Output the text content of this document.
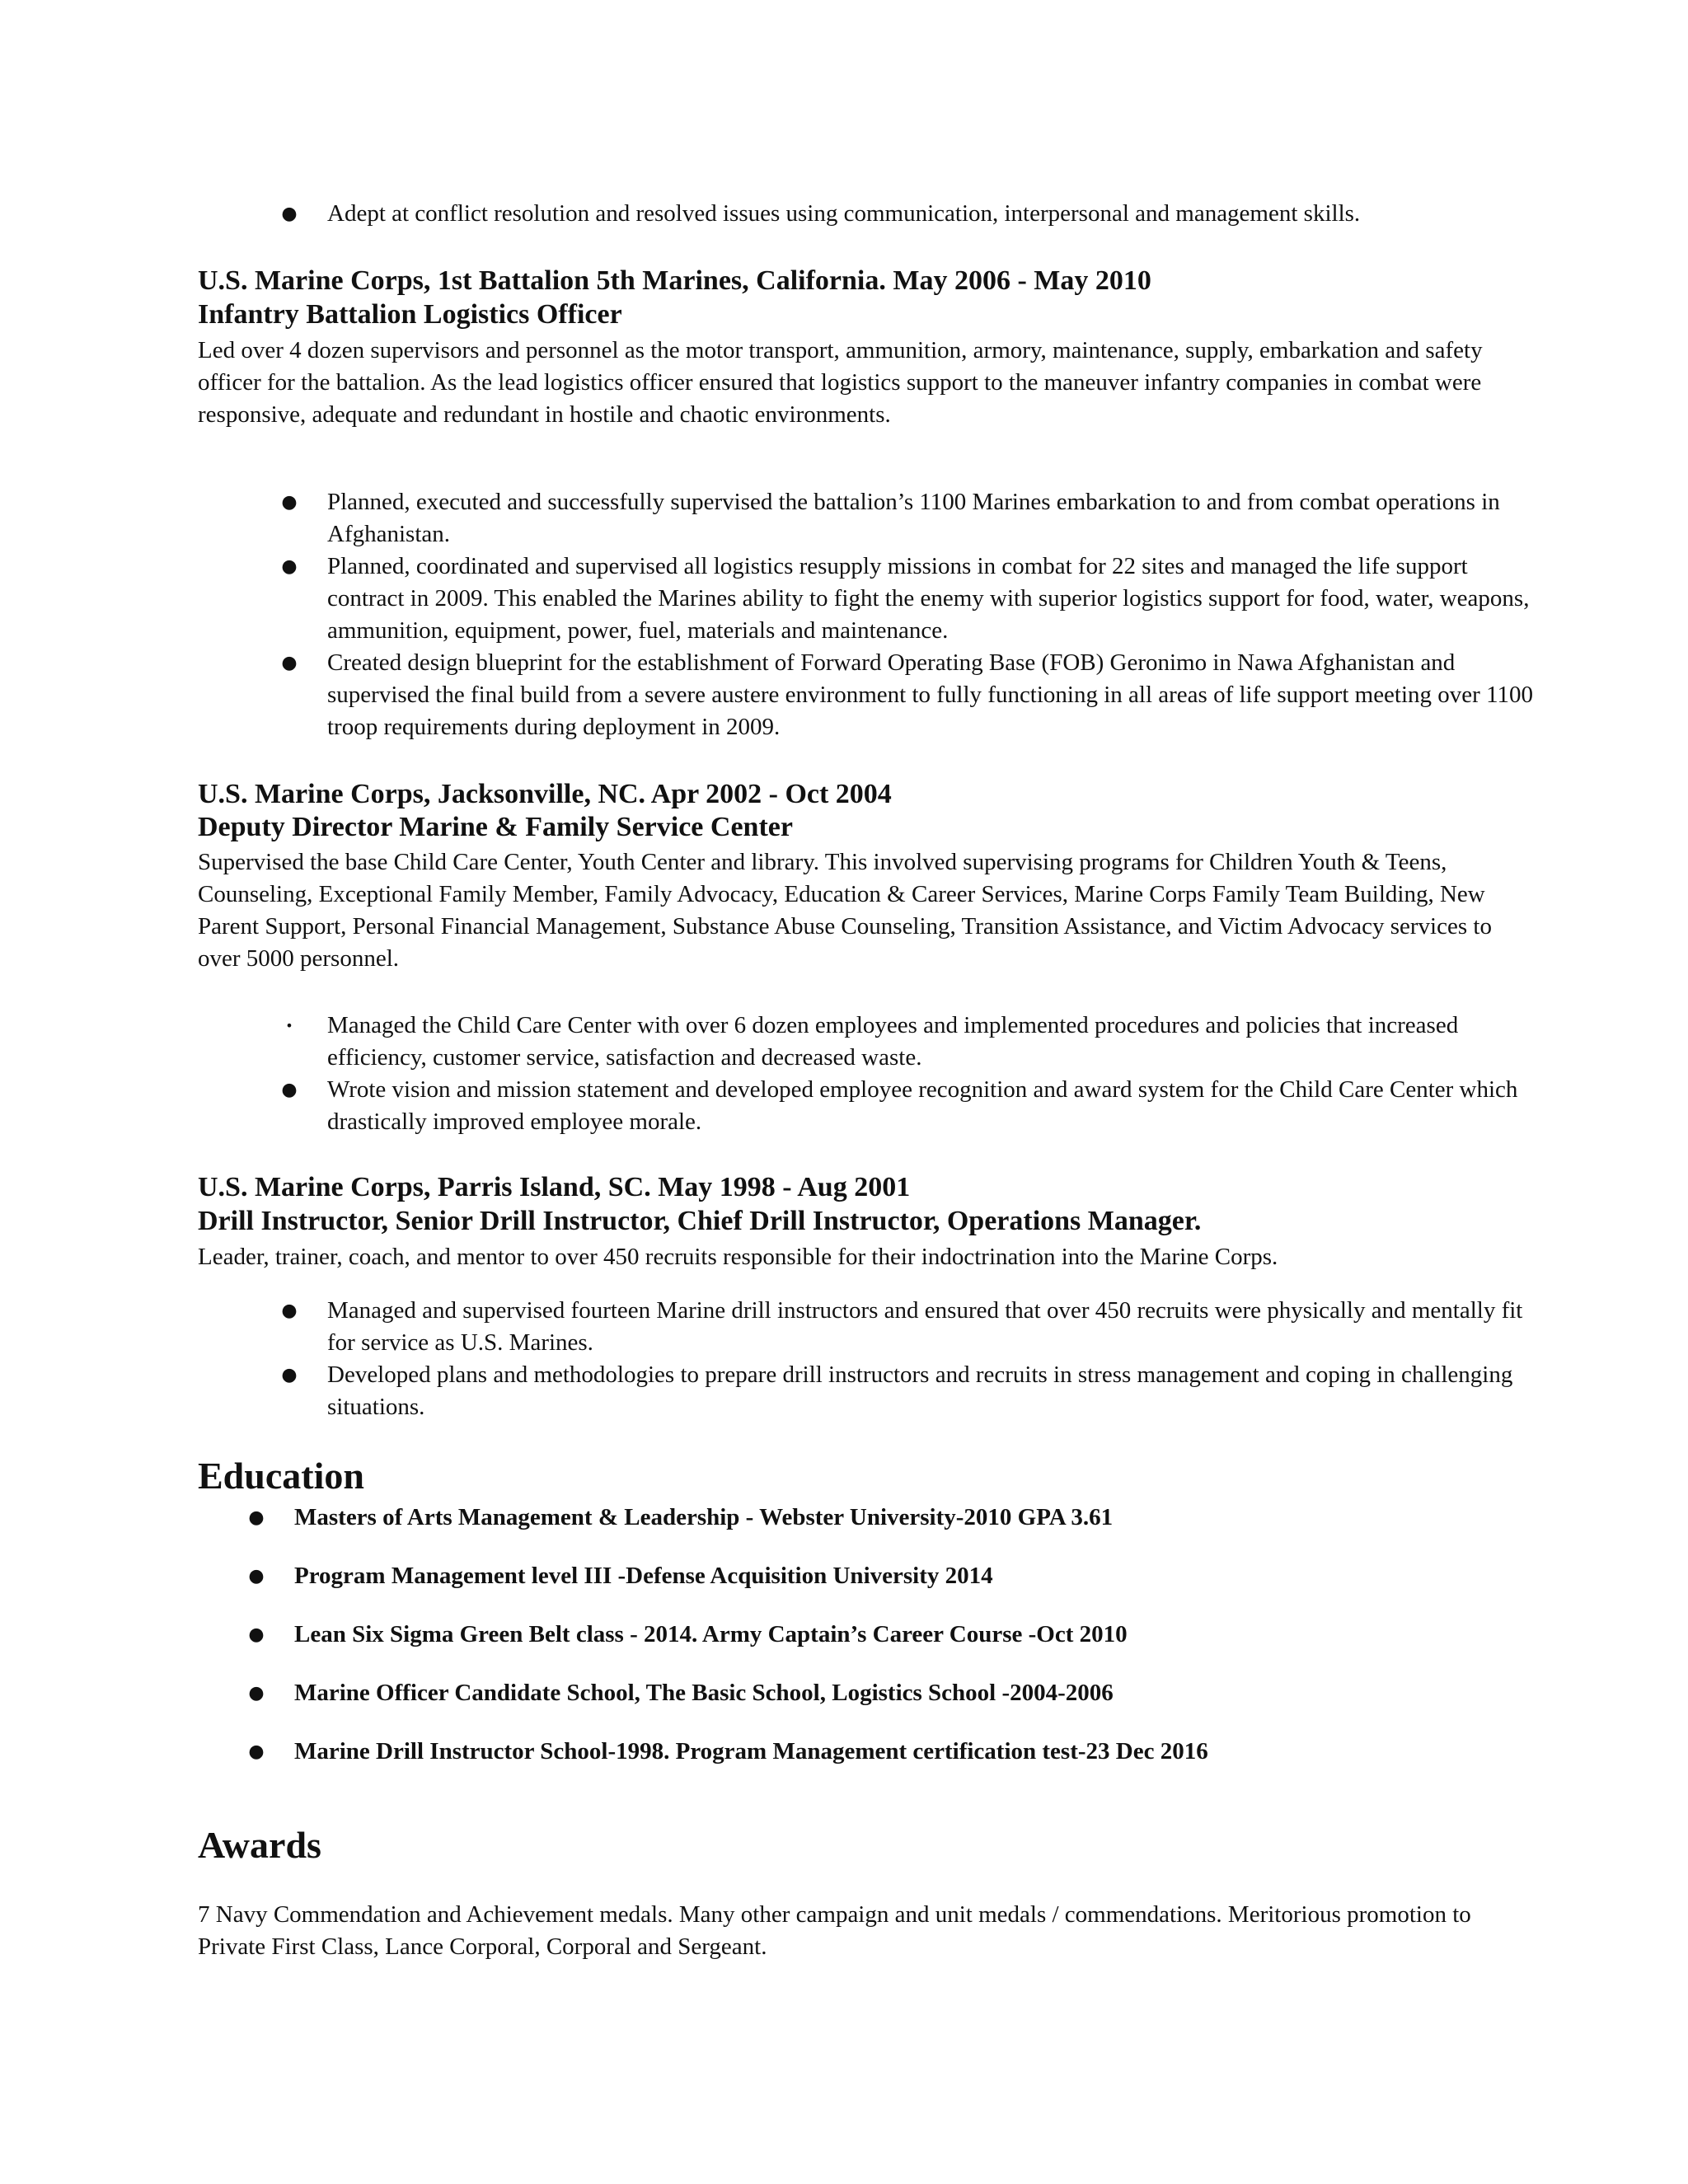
● Adept at conflict resolution and resolved issues using communication, interpersonal and management skills.
U.S. Marine Corps, 1st Battalion 5th Marines, California. May 2006 - May 2010
Infantry Battalion Logistics Officer

Led over 4 dozen supervisors and personnel as the motor transport, ammunition, armory, maintenance, supply, embarkation and safety officer for the battalion. As the lead logistics officer ensured that logistics support to the maneuver infantry companies in combat were responsive, adequate and redundant in hostile and chaotic environments.

● Planned, executed and successfully supervised the battalion’s 1100 Marines embarkation to and from combat operations in Afghanistan.
● Planned, coordinated and supervised all logistics resupply missions in combat for 22 sites and managed the life support contract in 2009. This enabled the Marines ability to fight the enemy with superior logistics support for food, water, weapons, ammunition, equipment, power, fuel, materials and maintenance.
● Created design blueprint for the establishment of Forward Operating Base (FOB) Geronimo in Nawa Afghanistan and supervised the final build from a severe austere environment to fully functioning in all areas of life support meeting over 1100 troop requirements during deployment in 2009.
U.S. Marine Corps, Jacksonville, NC. Apr 2002 - Oct 2004
Deputy Director Marine & Family Service Center

Supervised the base Child Care Center, Youth Center and library. This involved supervising programs for Children Youth & Teens, Counseling, Exceptional Family Member, Family Advocacy, Education & Career Services, Marine Corps Family Team Building, New Parent Support, Personal Financial Management, Substance Abuse Counseling, Transition Assistance, and Victim Advocacy services to over 5000 personnel.

•	Managed the Child Care Center with over 6 dozen employees and implemented procedures and policies that increased efficiency, customer service, satisfaction and decreased waste.
● Wrote vision and mission statement and developed employee recognition and award system for the Child Care Center which drastically improved employee morale.
U.S. Marine Corps, Parris Island, SC. May 1998 - Aug 2001
Drill Instructor, Senior Drill Instructor, Chief Drill Instructor, Operations Manager.

Leader, trainer, coach, and mentor to over 450 recruits responsible for their indoctrination into the Marine Corps.

● Managed and supervised fourteen Marine drill instructors and ensured that over 450 recruits were physically and mentally fit for service as U.S. Marines.
● Developed plans and methodologies to prepare drill instructors and recruits in stress management and coping in challenging situations.
Education
● Masters of Arts Management & Leadership - Webster University-2010 GPA 3.61
● Program Management level III -Defense Acquisition University 2014
● Lean Six Sigma Green Belt class - 2014. Army Captain’s Career Course -Oct 2010
● Marine Officer Candidate School, The Basic School, Logistics School -2004-2006
● Marine Drill Instructor School-1998. Program Management certification test-23 Dec 2016
Awards

7 Navy Commendation and Achievement medals. Many other campaign and unit medals / commendations. Meritorious promotion to Private First Class, Lance Corporal, Corporal and Sergeant.
